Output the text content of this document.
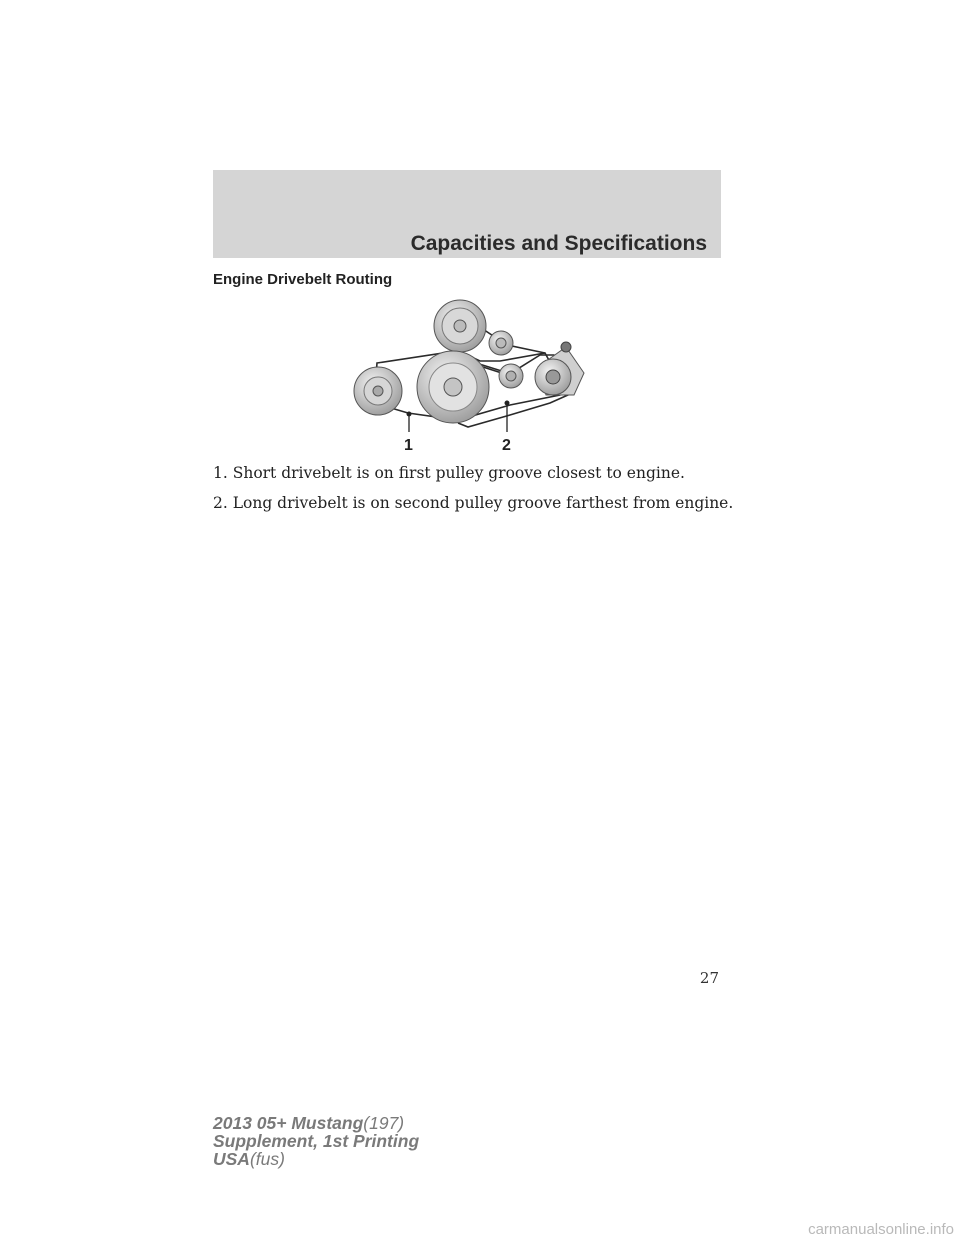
Capacities and Specifications
Engine Drivebelt Routing
1	2
1. Short drivebelt is on first pulley groove closest to engine.
2. Long drivebelt is on second pulley groove farthest from engine.
27
2013 05+ Mustang(197)
Supplement, 1st Printing
USA(fus)
carmanualsonline.info
